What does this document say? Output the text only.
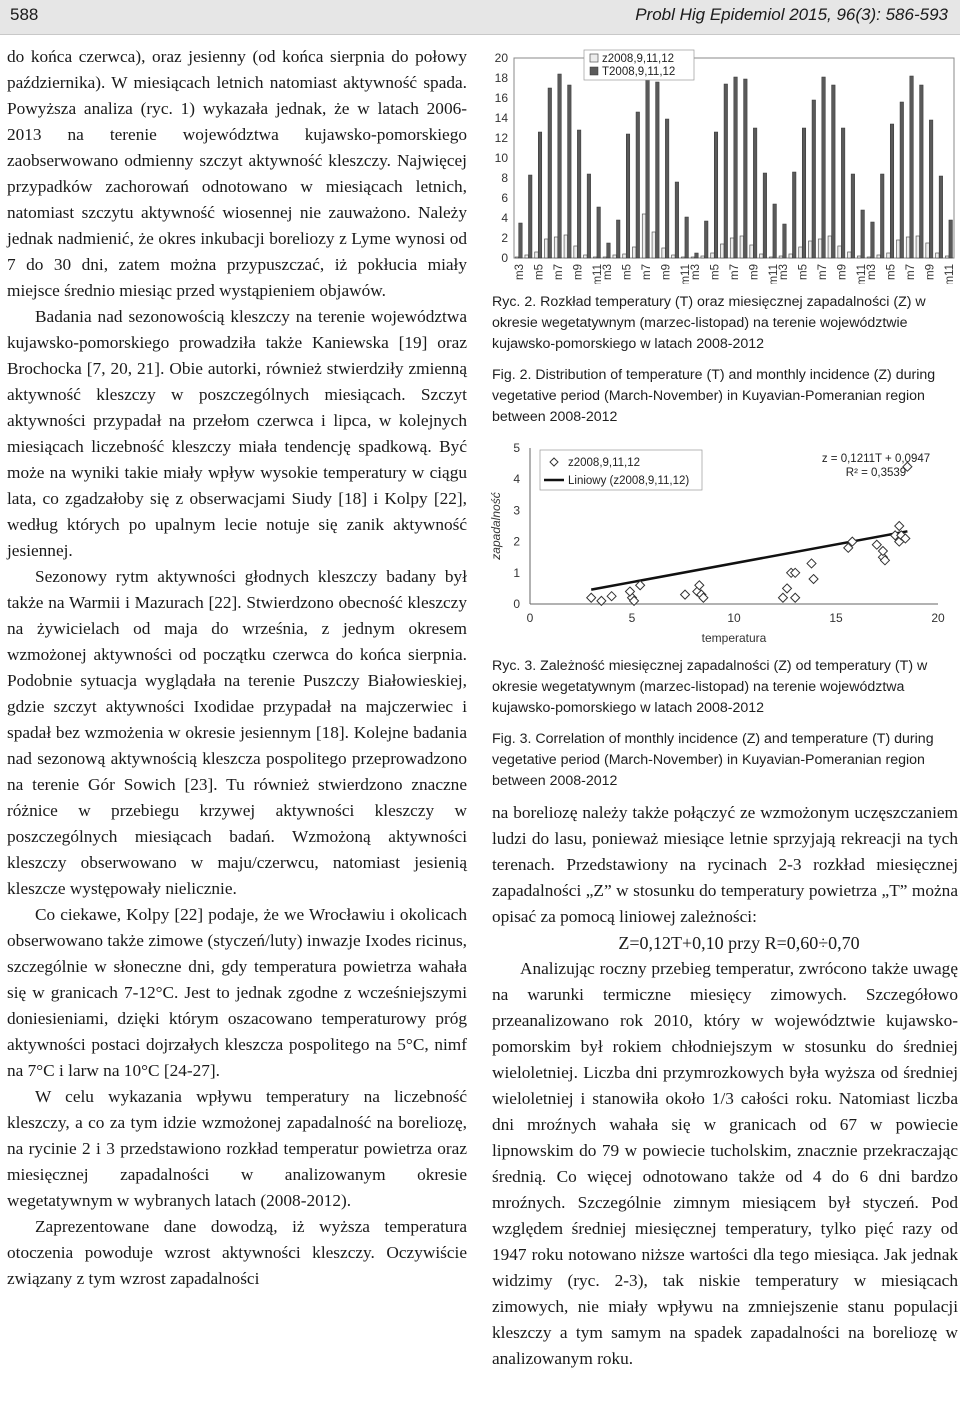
588	Probl Hig Epidemiol 2015, 96(3): 586-593

do końca czerwca), oraz jesienny (od końca sierpnia do połowy października). W miesiącach letnich natomiast aktywność spada. Powyższa analiza (ryc. 1) wykazała jednak, że w latach 2006-2013 na terenie województwa kujawsko-pomorskiego zaobserwowano odmienny szczyt aktywność kleszczy. Najwięcej przypadków zachorowań odnotowano w miesiącach letnich, natomiast szczytu aktywność wiosennej nie zauważono. Należy jednak nadmienić, że okres inkubacji boreliozy z Lyme wynosi od 7 do 30 dni, zatem można przypuszczać, iż pokłucia miały miejsce średnio miesiąc przed wystąpieniem objawów.

Badania nad sezonowością kleszczy na terenie województwa kujawsko-pomorskiego prowadziła także Kaniewska [19] oraz Brochocka [7, 20, 21]. Obie autorki, również stwierdziły zmienną aktywność kleszczy w poszczególnych miesiącach. Szczyt aktywności przypadał na przełom czerwca i lipca, w kolejnych miesiącach liczebność kleszczy miała tendencję spadkową. Być może na wyniki takie miały wpływ wysokie temperatury w ciągu lata, co zgadzałoby się z obserwacjami Siudy [18] i Kolpy [22], według których po upalnym lecie notuje się zanik aktywność jesiennej.

Sezonowy rytm aktywności głodnych kleszczy badany był także na Warmii i Mazurach [22]. Stwierdzono obecność kleszczy na żywicielach od maja do września, z jednym okresem wzmożonej aktywności od początku czerwca do końca sierpnia. Podobnie sytuacja wyglądała na terenie Puszczy Białowieskiej, gdzie szczyt aktywności Ixodidae przypadał na majczerwiec i spadał bez wzmożenia w okresie jesiennym [18]. Kolejne badania nad sezonową aktywnością kleszcza pospolitego przeprowadzono na terenie Gór Sowich [23]. Tu również stwierdzono znaczne różnice w przebiegu krzywej aktywności kleszczy w poszczególnych miesiącach badań. Wzmożoną aktywności kleszczy obserwowano w maju/czerwcu, natomiast jesienią kleszcze występowały nielicznie.

Co ciekawe, Kolpy [22] podaje, że we Wrocławiu i okolicach obserwowano także zimowe (styczeń/luty) inwazje Ixodes ricinus, szczególnie w słoneczne dni, gdy temperatura powietrza wahała się w granicach 7-12°C. Jest to jednak zgodne z wcześniejszymi doniesieniami, dzięki którym oszacowano temperaturowy próg aktywności postaci dojrzałych kleszcza pospolitego na 5°C, nimf na 7°C i larw na 10°C [24-27].

W celu wykazania wpływu temperatury na liczebność kleszczy, a co za tym idzie wzmożonej zapadalność na boreliozę, na rycinie 2 i 3 przedstawiono rozkład temperatur powietrza oraz miesięcznej zapadalności w analizowanym okresie wegetatywnym w wybranych latach (2008-2012).

Zaprezentowane dane dowodzą, iż wyższa temperatura otoczenia powoduje wzrost aktywności kleszczy. Oczywiście związany z tym wzrost zapadalności

0
2
4
6
8
10
12
14
16
18
20
m3 m5 m7 m9 m11
m3 m5 m7 m9 m11
m3 m5 m7 m9 m11
m3 m5 m7 m9 m11
m3 m5 m7 m9 m11
z2008,9,11,12
T2008,9,11,12
Ryc. 2. Rozkład temperatury (T) oraz miesięcznej zapadalności (Z) w okresie wegetatywnym (marzec-listopad) na terenie województwie kujawsko-pomorskiego w latach 2008-2012
Fig. 2. Distribution of temperature (T) and monthly incidence (Z) during vegetative period (March-November) in Kuyavian-Pomeranian region between 2008-2012
0
1
2
3
4
5
0	5	10	15	20
temperatura
zapadalność
z2008,9,11,12
Liniowy (z2008,9,11,12)
z = 0,1211T + 0,0947
R² = 0,3539
Ryc. 3. Zależność miesięcznej zapadalności (Z) od temperatury (T) w okresie wegetatywnym (marzec-listopad) na terenie województwa kujawsko-pomorskiego w latach 2008-2012
Fig. 3. Correlation of monthly incidence (Z) and temperature (T) during vegetative period (March-November) in Kuyavian-Pomeranian region between 2008-2012

na boreliozę należy także połączyć ze wzmożonym uczęszczaniem ludzi do lasu, ponieważ miesiące letnie sprzyjają rekreacji na tych terenach. Przedstawiony na rycinach 2-3 rozkład miesięcznej zapadalności „Z” w stosunku do temperatury powietrza „T” można opisać za pomocą liniowej zależności:

Z=0,12T+0,10 przy R=0,60÷0,70

Analizując roczny przebieg temperatur, zwrócono także uwagę na warunki termiczne miesięcy zimowych. Szczegółowo przeanalizowano rok 2010, który w województwie kujawsko-pomorskim był rokiem chłodniejszym w stosunku do średniej wieloletniej. Liczba dni przymrozkowych była wyższa od średniej wieloletniej i stanowiła około 1/3 całości roku. Natomiast liczba dni mroźnych wahała się w granicach od 67 w powiecie lipnowskim do 79 w powiecie tucholskim, znacznie przekraczając średnią. Co więcej odnotowano także od 4 do 6 dni bardzo mroźnych. Szczególnie zimnym miesiącem był styczeń. Pod względem średniej miesięcznej temperatury, tylko pięć razy od 1947 roku notowano niższe wartości dla tego miesiąca. Jak jednak widzimy (ryc. 2-3), tak niskie temperatury w miesiącach zimowych, nie miały wpływu na zmniejszenie stanu populacji kleszczy a tym samym na spadek zapadalności na boreliozę w analizowanym roku.
